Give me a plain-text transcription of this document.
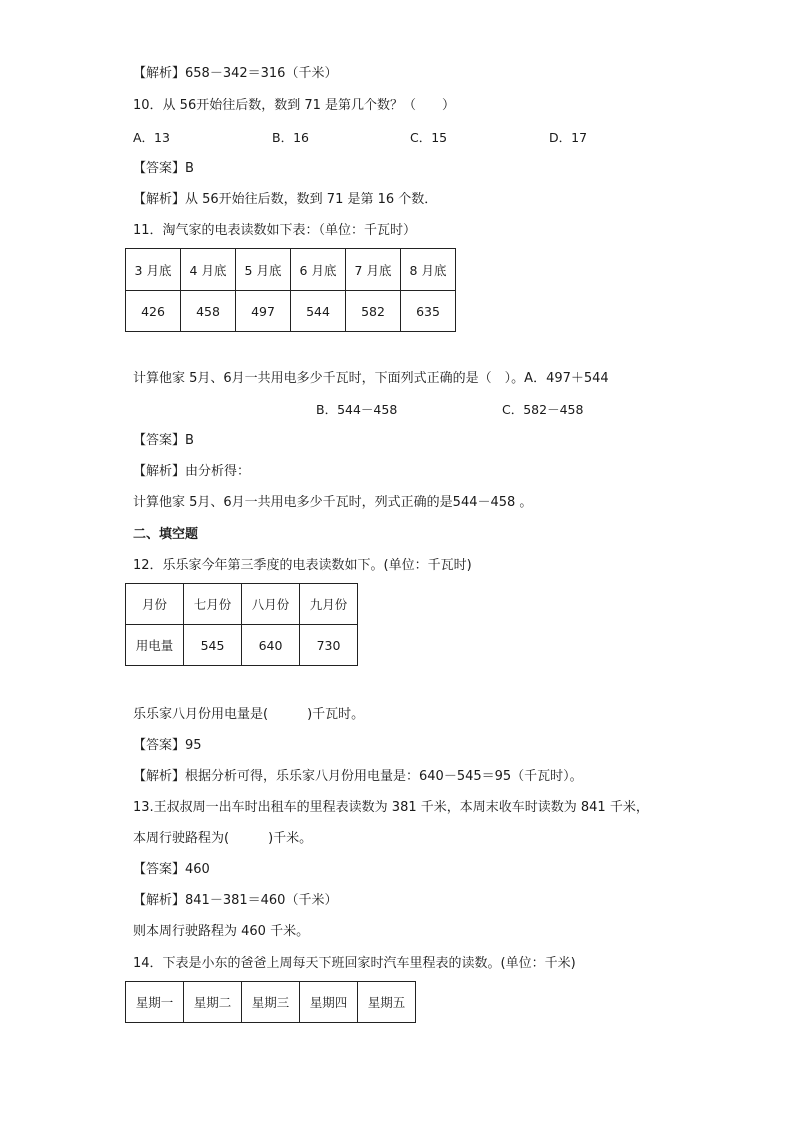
【解析】658－342＝316（千米）
10．从 56开始往后数，数到 71 是第几个数？（　　）
A．13	B．16	C．15	D．17
【答案】B
【解析】从 56开始往后数，数到 71 是第 16 个数．
11．淘气家的电表读数如下表：（单位：千瓦时）
3 月底	4 月底	5 月底	6 月底	7 月底	8 月底
426	458	497	544	582	635
计算他家 5月、6月一共用电多少千瓦时，下面列式正确的是（　）。A．497＋544
B．544－458	C．582－458
【答案】B
【解析】由分析得：
计算他家 5月、6月一共用电多少千瓦时，列式正确的是544－458 。
二、填空题
12．乐乐家今年第三季度的电表读数如下。(单位：千瓦时)
月份	七月份	八月份	九月份
用电量	545	640	730
乐乐家八月份用电量是(　　　)千瓦时。
【答案】95
【解析】根据分析可得，乐乐家八月份用电量是：640－545＝95（千瓦时）。
13.王叔叔周一出车时出租车的里程表读数为 381 千米，本周末收车时读数为 841 千米，
本周行驶路程为(　　　)千米。
【答案】460
【解析】841－381＝460（千米）
则本周行驶路程为 460 千米。
14．下表是小东的爸爸上周每天下班回家时汽车里程表的读数。(单位：千米)
星期一	星期二	星期三	星期四	星期五
